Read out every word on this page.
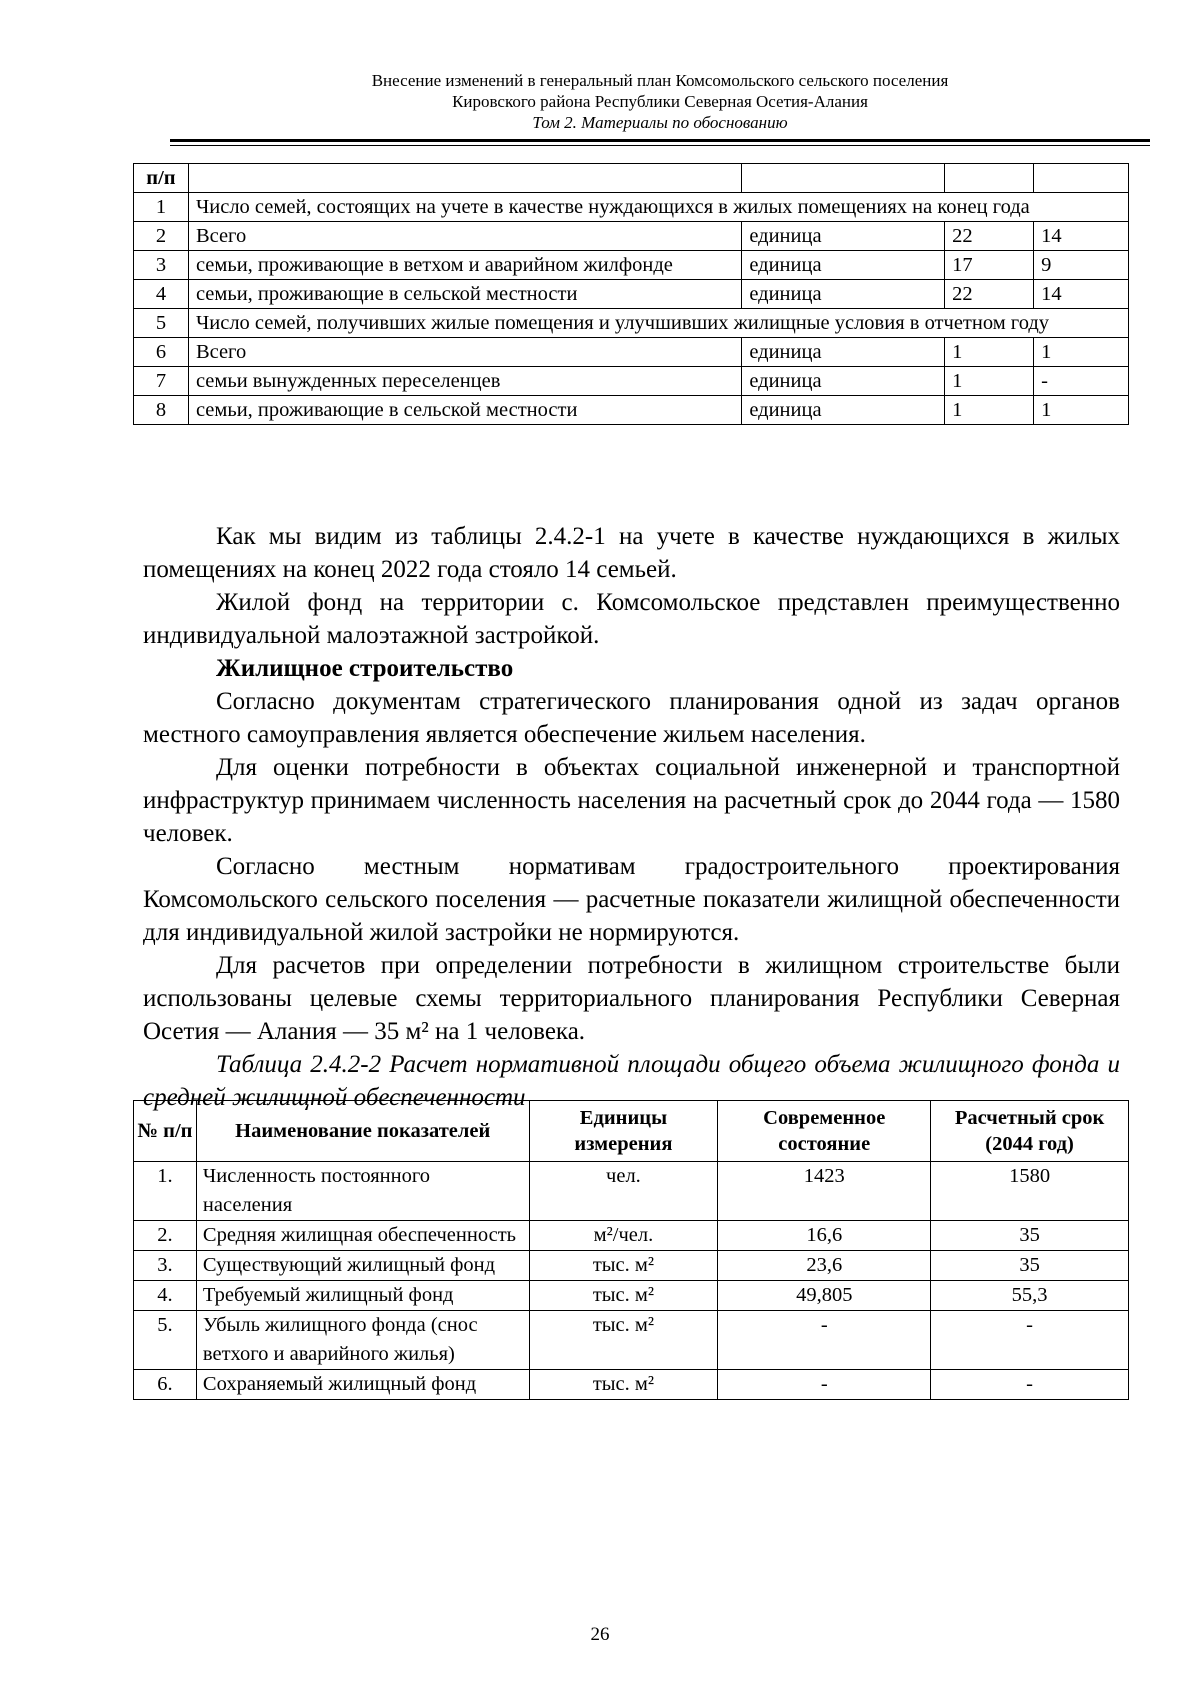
Внесение изменений в генеральный план Комсомольского сельского поселения
Кировского района Республики Северная Осетия-Алания
Том 2. Материалы по обоснованию
п/п				
1	Число семей, состоящих на учете в качестве нуждающихся в жилых помещениях на конец года			
2	Всего	единица	22	14
3	семьи, проживающие в ветхом и аварийном жилфонде	единица	17	9
4	семьи, проживающие в сельской местности	единица	22	14
5	Число семей, получивших жилые помещения и улучшивших жилищные условия в отчетном году			
6	Всего	единица	1	1
7	семьи вынужденных переселенцев	единица	1	-
8	семьи, проживающие в сельской местности	единица	1	1

Как мы видим из таблицы 2.4.2-1 на учете в качестве нуждающихся в жилых помещениях на конец 2022 года стояло 14 семьей.

Жилой фонд на территории с. Комсомольское представлен преимущественно индивидуальной малоэтажной застройкой.

Жилищное строительство

Согласно документам стратегического планирования одной из задач органов местного самоуправления является обеспечение жильем населения.

Для оценки потребности в объектах социальной инженерной и транспортной инфраструктур принимаем численность населения на расчетный срок до 2044 года — 1580 человек.

Согласно местным нормативам градостроительного проектирования Комсомольского сельского поселения — расчетные показатели жилищной обеспеченности для индивидуальной жилой застройки не нормируются.

Для расчетов при определении потребности в жилищном строительстве были использованы целевые схемы территориального планирования Республики Северная Осетия — Алания — 35 м² на 1 человека.

Таблица 2.4.2-2 Расчет нормативной площади общего объема жилищного фонда и средней жилищной обеспеченности

№ п/п	Наименование показателей	Единицы измерения	Современное состояние	Расчетный срок (2044 год)
1.	Численность постоянного населения	чел.	1423	1580
2.	Средняя жилищная обеспеченность	м²/чел.	16,6	35
3.	Существующий жилищный фонд	тыс. м²	23,6	35
4.	Требуемый жилищный фонд	тыс. м²	49,805	55,3
5.	Убыль жилищного фонда (снос ветхого и аварийного жилья)	тыс. м²	-	-
6.	Сохраняемый жилищный фонд	тыс. м²	-	-
26
